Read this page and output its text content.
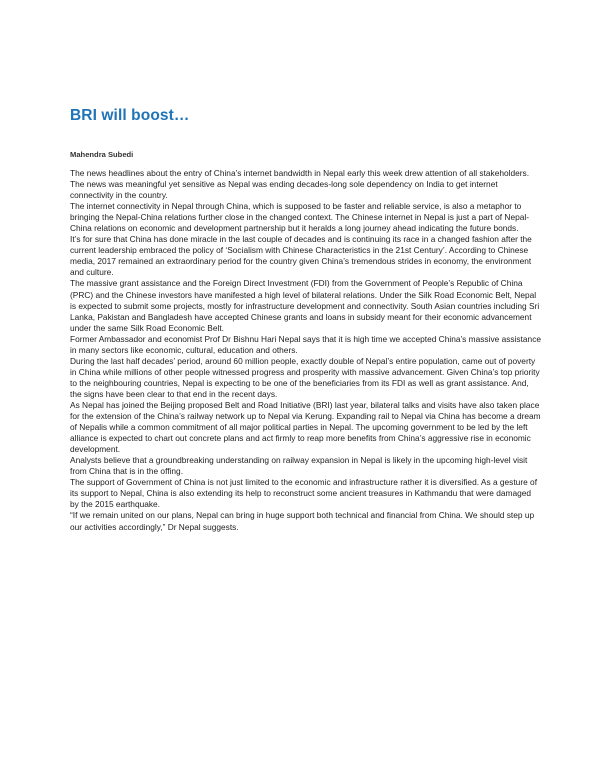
BRI will boost…
Mahendra Subedi

The news headlines about the entry of China’s internet bandwidth in Nepal early this week drew attention of all stakeholders. The news was meaningful yet sensitive as Nepal was ending decades-long sole dependency on India to get internet connectivity in the country.

The internet connectivity in Nepal through China, which is supposed to be faster and reliable service, is also a metaphor to bringing the Nepal-China relations further close in the changed context. The Chinese internet in Nepal is just a part of Nepal-China relations on economic and development partnership but it heralds a long journey ahead indicating the future bonds.

It’s for sure that China has done miracle in the last couple of decades and is continuing its race in a changed fashion after the current leadership embraced the policy of ‘Socialism with Chinese Characteristics in the 21st Century’. According to Chinese media, 2017 remained an extraordinary period for the country given China’s tremendous strides in economy, the environment and culture.

The massive grant assistance and the Foreign Direct Investment (FDI) from the Government of People’s Republic of China (PRC) and the Chinese investors have manifested a high level of bilateral relations. Under the Silk Road Economic Belt, Nepal is expected to submit some projects, mostly for infrastructure development and connectivity. South Asian countries including Sri Lanka, Pakistan and Bangladesh have accepted Chinese grants and loans in subsidy meant for their economic advancement under the same Silk Road Economic Belt.

Former Ambassador and economist Prof Dr Bishnu Hari Nepal says that it is high time we accepted China’s massive assistance in many sectors like economic, cultural, education and others.

During the last half decades’ period, around 60 million people, exactly double of Nepal’s entire population, came out of poverty in China while millions of other people witnessed progress and prosperity with massive advancement. Given China’s top priority to the neighbouring countries, Nepal is expecting to be one of the beneficiaries from its FDI as well as grant assistance. And, the signs have been clear to that end in the recent days.

As Nepal has joined the Beijing proposed Belt and Road Initiative (BRI) last year, bilateral talks and visits have also taken place for the extension of the China’s railway network up to Nepal via Kerung. Expanding rail to Nepal via China has become a dream of Nepalis while a common commitment of all major political parties in Nepal. The upcoming government to be led by the left alliance is expected to chart out concrete plans and act firmly to reap more benefits from China’s aggressive rise in economic development.

Analysts believe that a groundbreaking understanding on railway expansion in Nepal is likely in the upcoming high-level visit from China that is in the offing.

The support of Government of China is not just limited to the economic and infrastructure rather it is diversified. As a gesture of its support to Nepal, China is also extending its help to reconstruct some ancient treasures in Kathmandu that were damaged by the 2015 earthquake.

“If we remain united on our plans, Nepal can bring in huge support both technical and financial from China. We should step up our activities accordingly,” Dr Nepal suggests.
